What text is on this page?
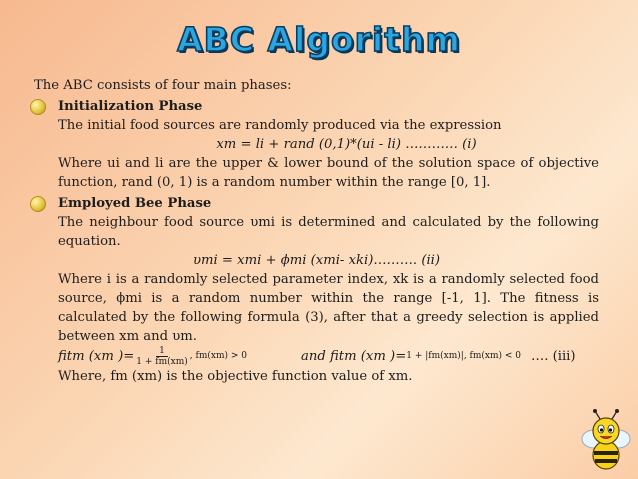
ABC Algorithm

The ABC consists of four main phases:

Initialization Phase

The initial food sources are randomly produced via the expression

xm = li + rand (0,1)*(ui - li) ………… (i)

Where ui and li are the upper & lower bound of the solution space of objective function, rand (0, 1) is a random number within the range [0, 1].

Employed Bee Phase

The neighbour food source υmi is determined and calculated by the following equation.

υmi = xmi + ϕmi (xmi- xki)………. (ii)

Where i is a randomly selected parameter index, xk is a randomly selected food source, ϕmi is a random number within the range [-1, 1]. The fitness is calculated by the following formula (3), after that a greedy selection is applied between xm and υm.

fitm (xm )= $\frac{1}{1 + fm(xm)}$ , fm(xm) > 0	and fitm (xm )= 1 + |fm(xm)|, fm(xm) < 0 …. (iii)

Where, fm (xm) is the objective function value of xm.
